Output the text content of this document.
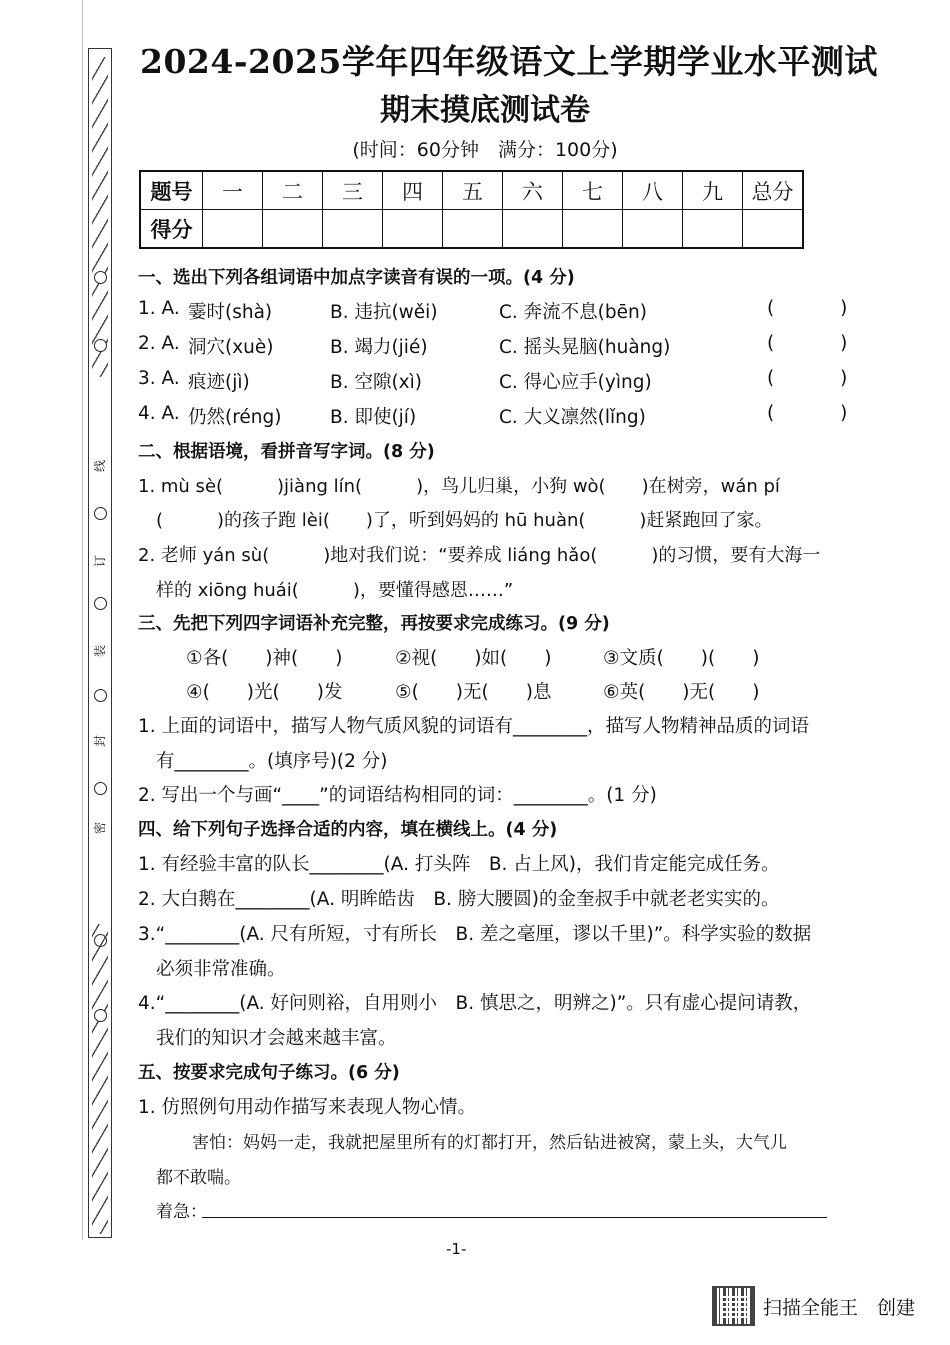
线
订
装
封
密
2024-2025学年四年级语文上学期学业水平测试
期末摸底测试卷
(时间：60分钟　满分：100分)
题号	一	二	三	四	五	六	七	八	九	总分
得分										
一、选出下列各组词语中加点字读音有误的一项。(4 分)
1. A. 霎时(shà)	B. 违抗(wěi)	C. 奔流不息(bēn)	( )
2. A. 洞穴(xuè)	B. 竭力(jié)	C. 摇头晃脑(huàng)	( )
3. A. 痕迹(jì)	B. 空隙(xì)	C. 得心应手(yìng)	( )
4. A. 仍然(réng)	B. 即使(jí)	C. 大义凛然(lǐng)	( )
二、根据语境，看拼音写字词。(8 分)
1. mù sè(　　　)jiàng lín(　　　)，鸟儿归巢，小狗 wò(　　)在树旁，wán pí
(　　　)的孩子跑 lèi(　　)了，听到妈妈的 hū huàn(　　　)赶紧跑回了家。
2. 老师 yán sù(　　　)地对我们说：“要养成 liáng hǎo(　　　)的习惯，要有大海一
样的 xiōng huái(　　　)，要懂得感恩……”
三、先把下列四字词语补充完整，再按要求完成练习。(9 分)
①各(　　)神(　　)	②视(　　)如(　　)	③文质(　　)(　　)
④(　　)光(　　)发	⑤(　　)无(　　)息	⑥英(　　)无(　　)
1. 上面的词语中，描写人物气质风貌的词语有________，描写人物精神品质的词语
有________。(填序号)(2 分)
2. 写出一个与画“____”的词语结构相同的词：________。(1 分)
四、给下列句子选择合适的内容，填在横线上。(4 分)
1. 有经验丰富的队长________(A. 打头阵　B. 占上风)，我们肯定能完成任务。
2. 大白鹅在________(A. 明眸皓齿　B. 膀大腰圆)的金奎叔手中就老老实实的。
3.“________(A. 尺有所短，寸有所长　B. 差之毫厘，谬以千里)”。科学实验的数据
必须非常准确。
4.“________(A. 好问则裕，自用则小　B. 慎思之，明辨之)”。只有虚心提问请教，
我们的知识才会越来越丰富。
五、按要求完成句子练习。(6 分)
1. 仿照例句用动作描写来表现人物心情。
害怕：妈妈一走，我就把屋里所有的灯都打开，然后钻进被窝，蒙上头，大气儿
都不敢喘。
着急：
-1-
扫描全能王　创建
